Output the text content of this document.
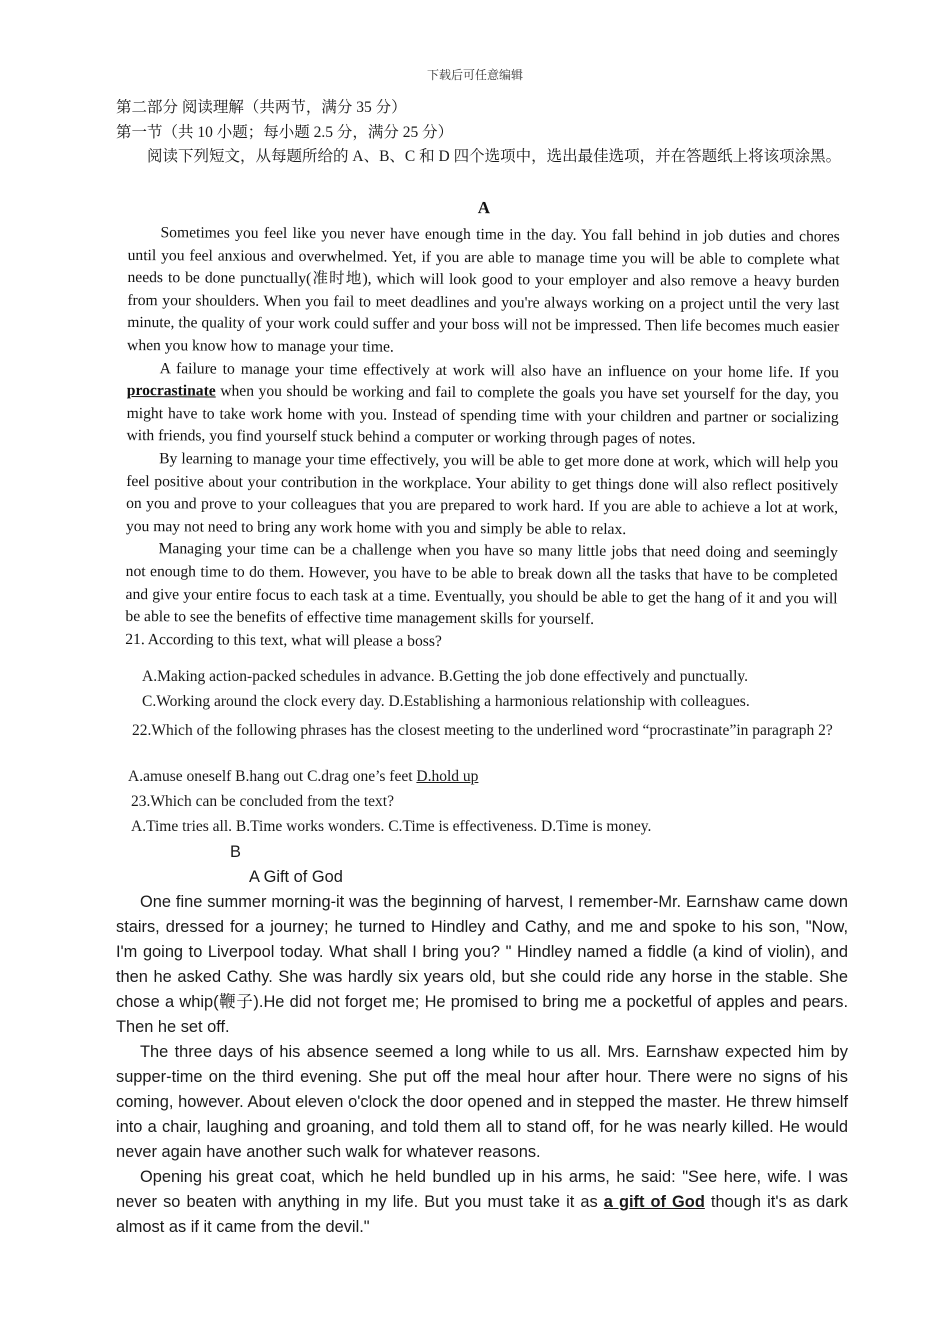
下载后可任意编辑
第二部分 阅读理解（共两节，满分 35 分）
第一节（共 10 小题；每小题 2.5 分，满分 25 分）
阅读下列短文，从每题所给的 A、B、C 和 D 四个选项中，选出最佳选项，并在答题纸上将该项涂黑。
A

Sometimes you feel like you never have enough time in the day. You fall behind in job duties and chores until you feel anxious and overwhelmed. Yet, if you are able to manage time you will be able to complete what needs to be done punctually(准时地), which will look good to your employer and also remove a heavy burden from your shoulders. When you fail to meet deadlines and you're always working on a project until the very last minute, the quality of your work could suffer and your boss will not be impressed. Then life becomes much easier when you know how to manage your time.

A failure to manage your time effectively at work will also have an influence on your home life. If you procrastinate when you should be working and fail to complete the goals you have set yourself for the day, you might have to take work home with you. Instead of spending time with your children and partner or socializing with friends, you find yourself stuck behind a computer or working through pages of notes.

By learning to manage your time effectively, you will be able to get more done at work, which will help you feel positive about your contribution in the workplace. Your ability to get things done will also reflect positively on you and prove to your colleagues that you are prepared to work hard. If you are able to achieve a lot at work, you may not need to bring any work home with you and simply be able to relax.

Managing your time can be a challenge when you have so many little jobs that need doing and seemingly not enough time to do them. However, you have to be able to break down all the tasks that have to be completed and give your entire focus to each task at a time. Eventually, you should be able to get the hang of it and you will be able to see the benefits of effective time management skills for yourself.

21. According to this text, what will please a boss?
A.Making action-packed schedules in advance. B.Getting the job done effectively and punctually.
C.Working around the clock every day. D.Establishing a harmonious relationship with colleagues.
22.Which of the following phrases has the closest meeting to the underlined word “procrastinate”in paragraph 2?
A.amuse oneself B.hang out C.drag one’s feet D.hold up
23.Which can be concluded from the text?
A.Time tries all. B.Time works wonders. C.Time is effectiveness. D.Time is money.
B
A Gift of God

One fine summer morning-it was the beginning of harvest, I remember-Mr. Earnshaw came down stairs, dressed for a journey; he turned to Hindley and Cathy, and me and spoke to his son, "Now, I'm going to Liverpool today. What shall I bring you? " Hindley named a fiddle (a kind of violin), and then he asked Cathy. She was hardly six years old, but she could ride any horse in the stable. She chose a whip(鞭子).He did not forget me; He promised to bring me a pocketful of apples and pears. Then he set off.

The three days of his absence seemed a long while to us all. Mrs. Earnshaw expected him by supper-time on the third evening. She put off the meal hour after hour. There were no signs of his coming, however. About eleven o'clock the door opened and in stepped the master. He threw himself into a chair, laughing and groaning, and told them all to stand off, for he was nearly killed. He would never again have another such walk for whatever reasons.

Opening his great coat, which he held bundled up in his arms, he said: "See here, wife. I was never so beaten with anything in my life. But you must take it as a gift of God though it's as dark almost as if it came from the devil."
